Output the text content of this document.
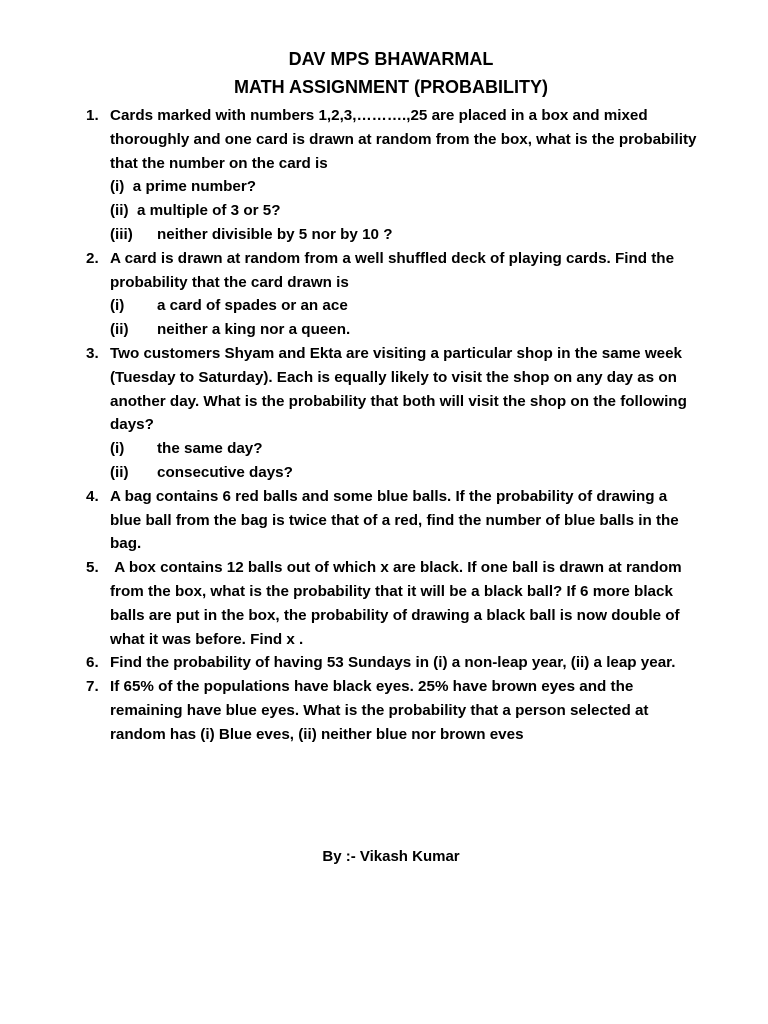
DAV MPS BHAWARMAL
MATH ASSIGNMENT (PROBABILITY)
1. Cards marked with numbers 1,2,3,……….,25 are placed in a box and mixed thoroughly and one card is drawn at random from the box, what is the probability that the number on the card is
(i) a prime number?
(ii) a multiple of 3 or 5?
(iii) neither divisible by 5 nor by 10 ?
2. A card is drawn at random from a well shuffled deck of playing cards. Find the probability that the card drawn is
(i) a card of spades or an ace
(ii) neither a king nor a queen.
3. Two customers Shyam and Ekta are visiting a particular shop in the same week (Tuesday to Saturday). Each is equally likely to visit the shop on any day as on another day. What is the probability that both will visit the shop on the following days?
(i) the same day?
(ii) consecutive days?
4. A bag contains 6 red balls and some blue balls. If the probability of drawing a blue ball from the bag is twice that of a red, find the number of blue balls in the bag.
5. A box contains 12 balls out of which x are black. If one ball is drawn at random from the box, what is the probability that it will be a black ball? If 6 more black balls are put in the box, the probability of drawing a black ball is now double of what it was before. Find x .
6. Find the probability of having 53 Sundays in (i) a non-leap year, (ii) a leap year.
7. If 65% of the populations have black eyes. 25% have brown eyes and the remaining have blue eyes. What is the probability that a person selected at random has (i) Blue eves, (ii) neither blue nor brown eves
By :- Vikash Kumar
